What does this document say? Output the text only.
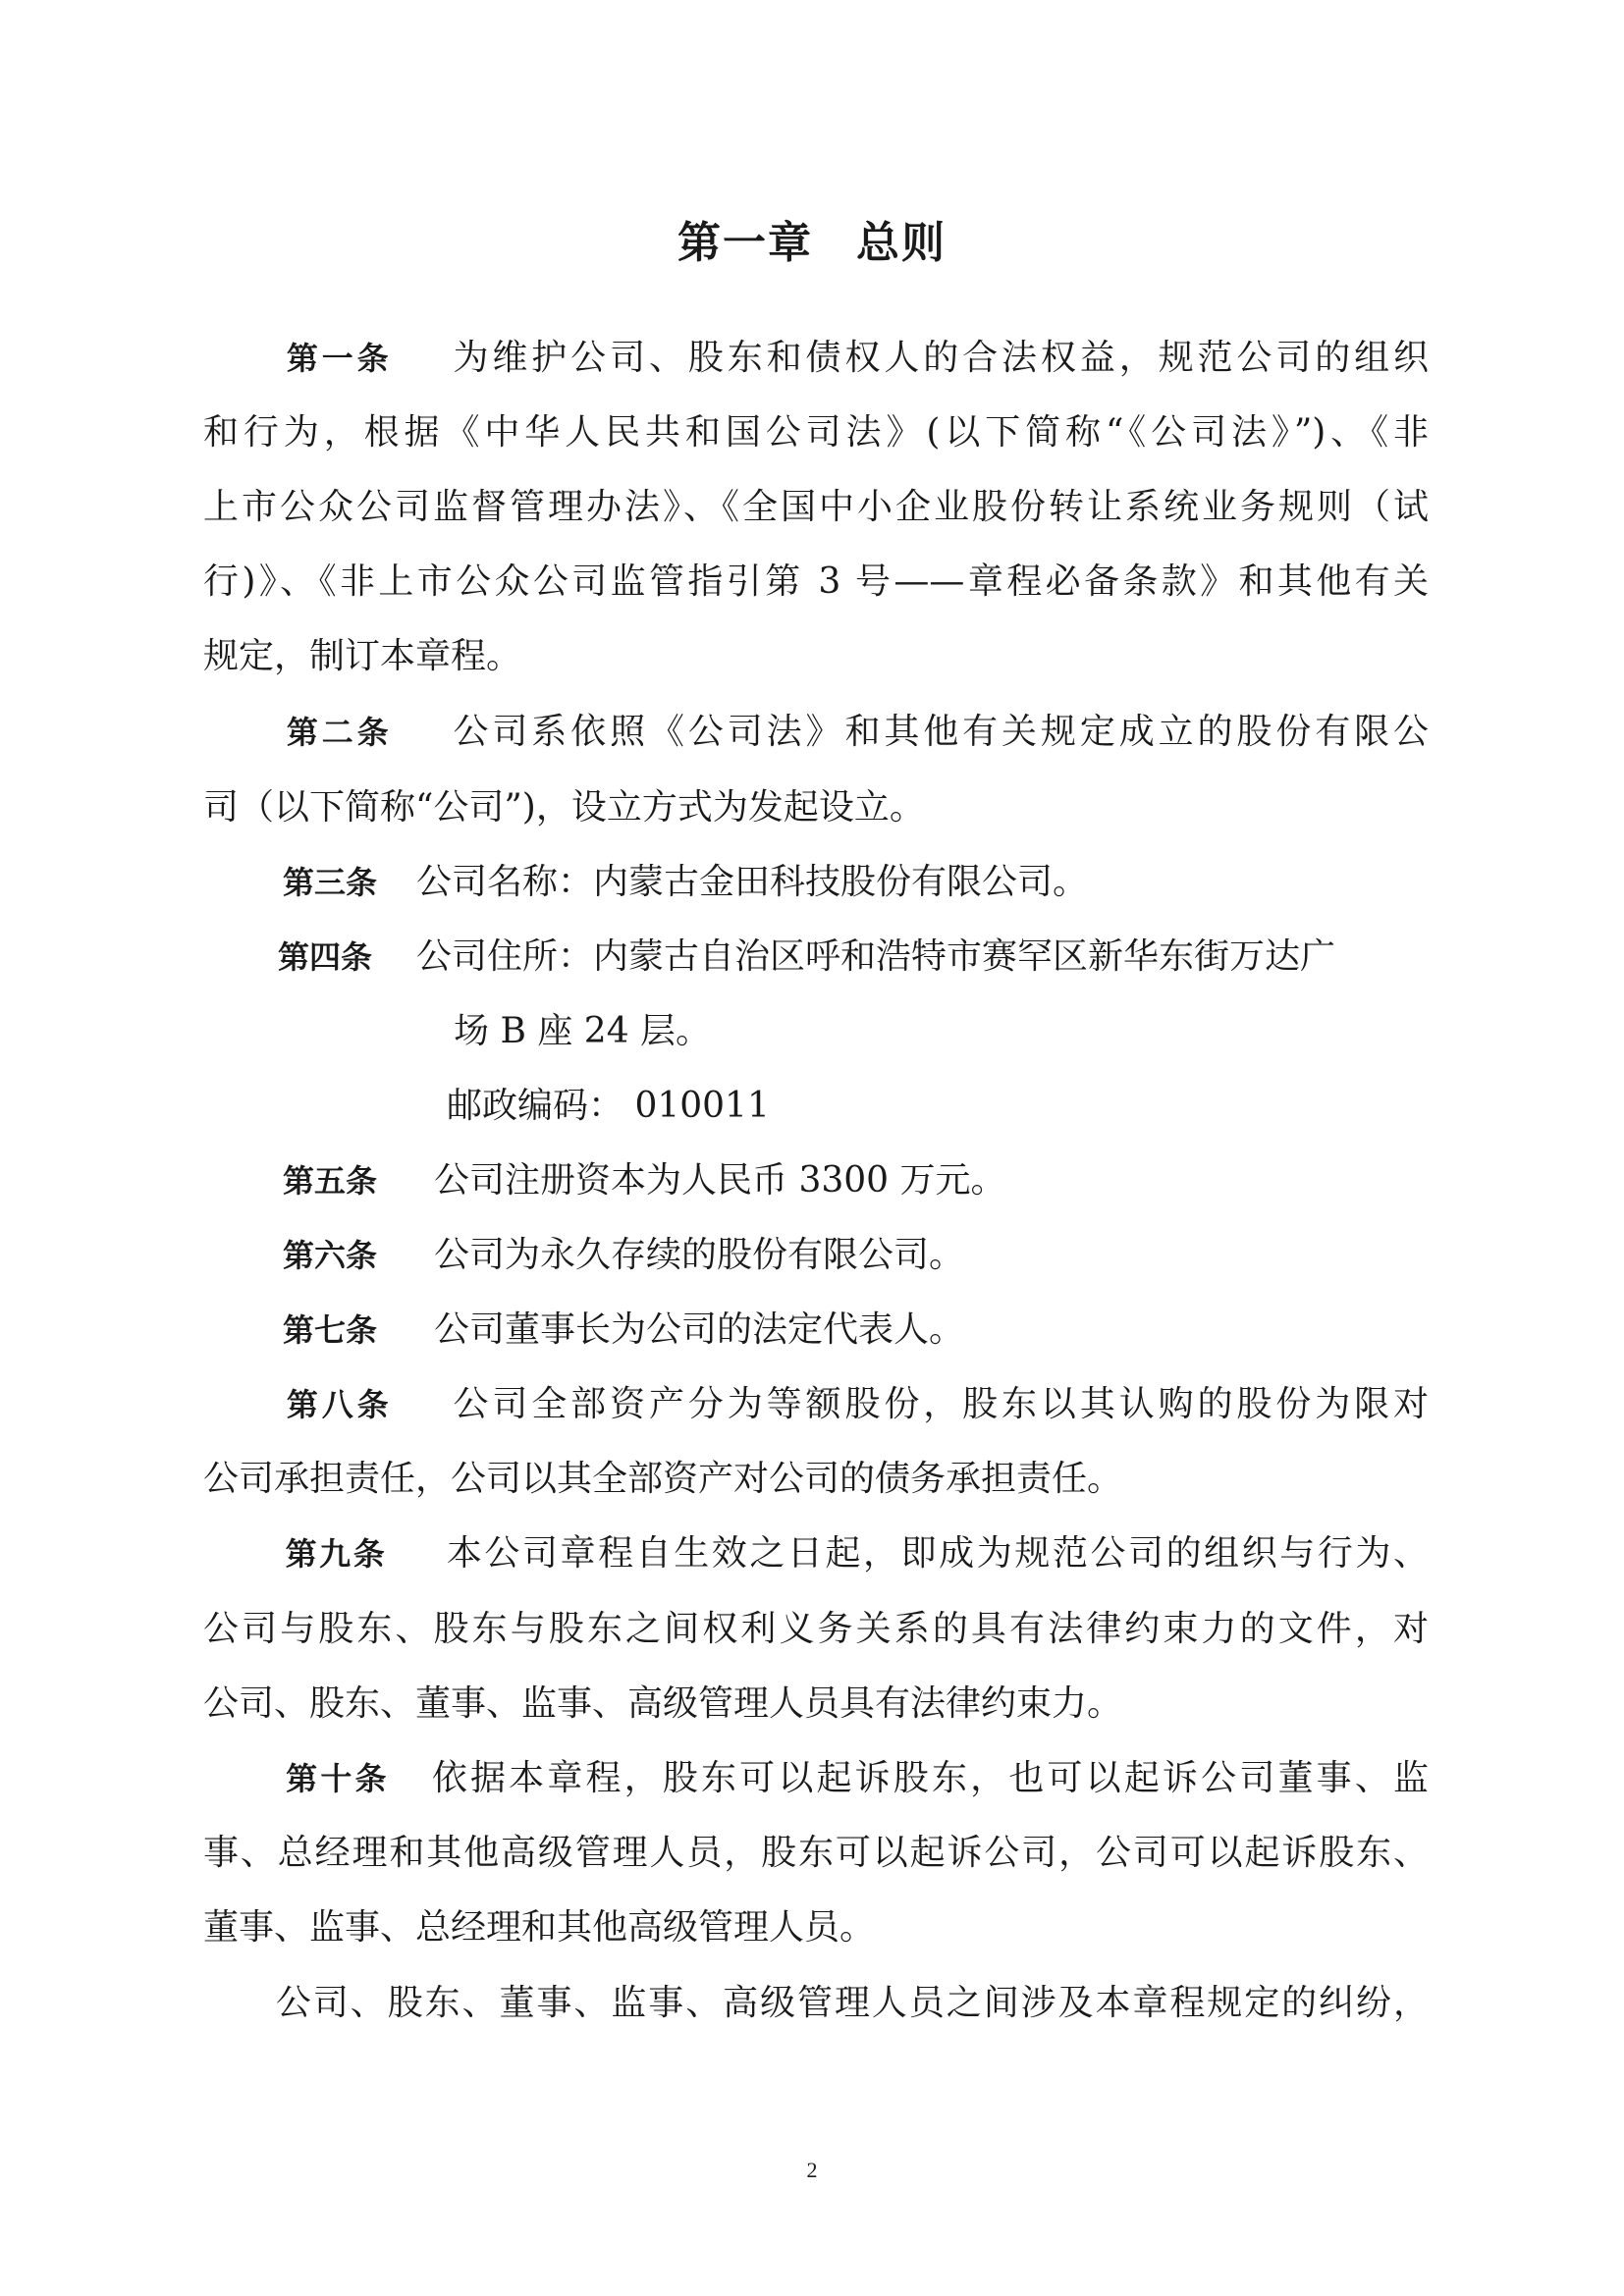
第一章 总则
第一条 为维护公司、股东和债权人的合法权益，规范公司的组织
和行为，根据《中华人民共和国公司法》(以下简称“《公司法》”)、《非
上市公众公司监督管理办法》、《全国中小企业股份转让系统业务规则（试
行)》、《非上市公众公司监管指引第 3 号——章程必备条款》和其他有关
规定，制订本章程。
第二条 公司系依照《公司法》和其他有关规定成立的股份有限公
司（以下简称“公司”)，设立方式为发起设立。
第三条 公司名称：内蒙古金田科技股份有限公司。
第四条 公司住所：内蒙古自治区呼和浩特市赛罕区新华东街万达广
场 B 座 24 层。
邮政编码： 010011
第五条 公司注册资本为人民币 3300 万元。
第六条 公司为永久存续的股份有限公司。
第七条 公司董事长为公司的法定代表人。
第八条 公司全部资产分为等额股份，股东以其认购的股份为限对
公司承担责任，公司以其全部资产对公司的债务承担责任。
第九条 本公司章程自生效之日起，即成为规范公司的组织与行为、
公司与股东、股东与股东之间权利义务关系的具有法律约束力的文件，对
公司、股东、董事、监事、高级管理人员具有法律约束力。
第十条 依据本章程，股东可以起诉股东，也可以起诉公司董事、监
事、总经理和其他高级管理人员，股东可以起诉公司，公司可以起诉股东、
董事、监事、总经理和其他高级管理人员。
公司、股东、董事、监事、高级管理人员之间涉及本章程规定的纠纷，
2
